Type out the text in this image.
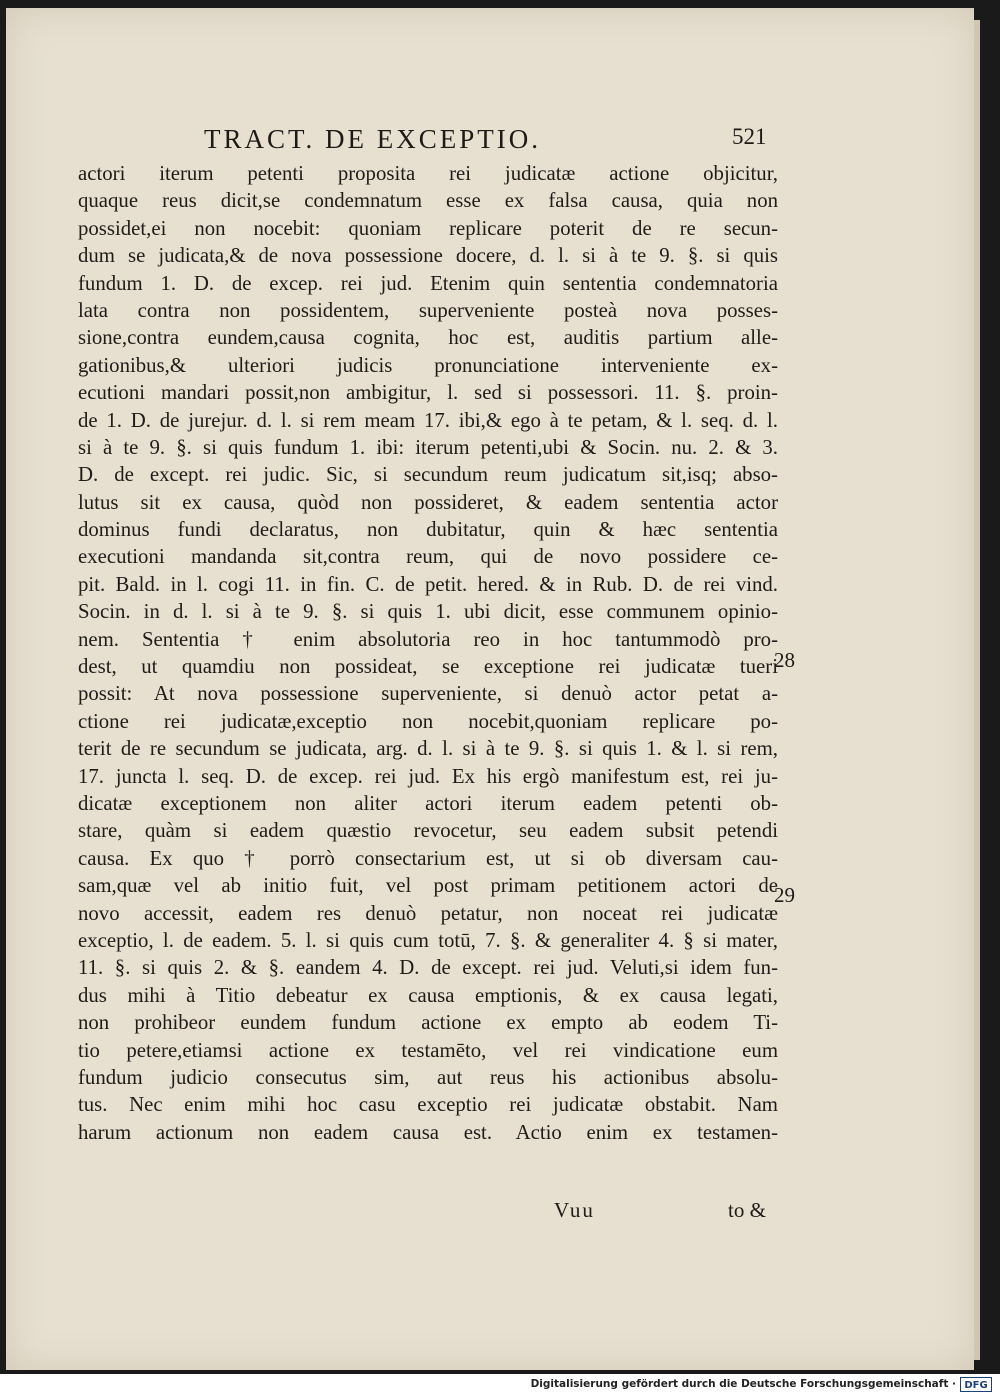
TRACT. DE EXCEPTIO.	521
actori iterum petenti proposita rei judicatæ actione objicitur,
quaque reus dicit,se condemnatum esse ex falsa causa, quia non
possidet,ei non nocebit: quoniam replicare poterit de re secun-
dum se judicata,& de nova possessione docere, d. l. si à te 9. §. si quis
fundum 1. D. de excep. rei jud. Etenim quin sententia condemnatoria
lata contra non possidentem, superveniente posteà nova posses-
sione,contra eundem,causa cognita, hoc est, auditis partium alle-
gationibus,& ulteriori judicis pronunciatione interveniente ex-
ecutioni mandari possit,non ambigitur, l. sed si possessori. 11. §. proin-
de 1. D. de jurejur. d. l. si rem meam 17. ibi,& ego à te petam, & l. seq. d. l.
si à te 9. §. si quis fundum 1. ibi: iterum petenti,ubi & Socin. nu. 2. & 3.
D. de except. rei judic. Sic, si secundum reum judicatum sit,isq; abso-
lutus sit ex causa, quòd non possideret, & eadem sententia actor
dominus fundi declaratus, non dubitatur, quin & hæc sententia
executioni mandanda sit,contra reum, qui de novo possidere ce-
pit. Bald. in l. cogi 11. in fin. C. de petit. hered. & in Rub. D. de rei vind.
Socin. in d. l. si à te 9. §. si quis 1. ubi dicit, esse communem opinio-
nem. Sententia † enim absolutoria reo in hoc tantummodò pro-
dest, ut quamdiu non possideat, se exceptione rei judicatæ tueri
possit: At nova possessione superveniente, si denuò actor petat a-
ctione rei judicatæ,exceptio non nocebit,quoniam replicare po-
terit de re secundum se judicata, arg. d. l. si à te 9. §. si quis 1. & l. si rem,
17. juncta l. seq. D. de excep. rei jud. Ex his ergò manifestum est, rei ju-
dicatæ exceptionem non aliter actori iterum eadem petenti ob-
stare, quàm si eadem quæstio revocetur, seu eadem subsit petendi
causa. Ex quo † porrò consectarium est, ut si ob diversam cau-
sam,quæ vel ab initio fuit, vel post primam petitionem actori de
novo accessit, eadem res denuò petatur, non noceat rei judicatæ
exceptio, l. de eadem. 5. l. si quis cum totū, 7. §. & generaliter 4. § si mater,
11. §. si quis 2. & §. eandem 4. D. de except. rei jud. Veluti,si idem fun-
dus mihi à Titio debeatur ex causa emptionis, & ex causa legati,
non prohibeor eundem fundum actione ex empto ab eodem Ti-
tio petere,etiamsi actione ex testamēto, vel rei vindicatione eum
fundum judicio consecutus sim, aut reus his actionibus absolu-
tus. Nec enim mihi hoc casu exceptio rei judicatæ obstabit. Nam
harum actionum non eadem causa est. Actio enim ex testamen-
28
29
Vuu	to &
Digitalisierung gefördert durch die Deutsche Forschungsgemeinschaft · DFG
